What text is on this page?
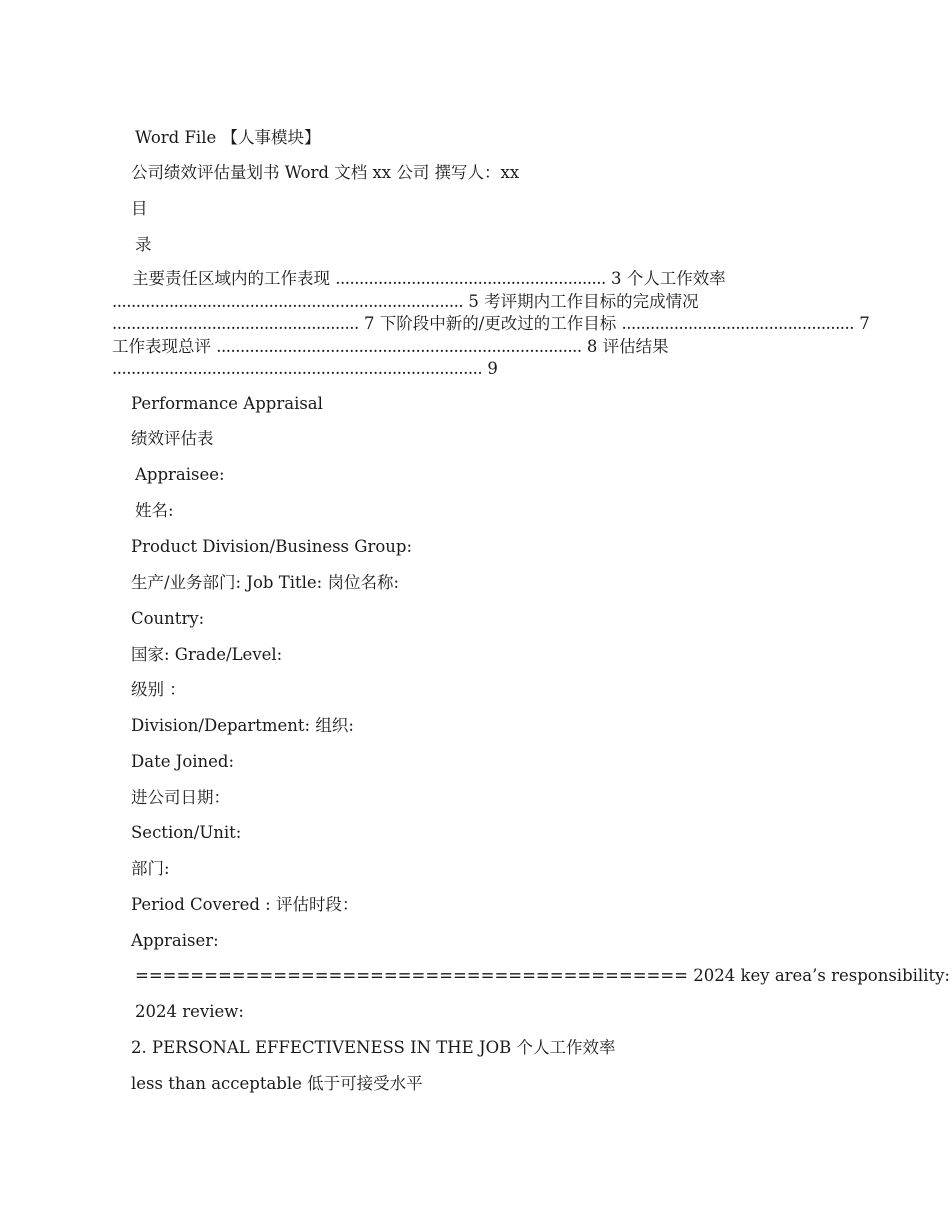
Word File 【人事模块】
公司绩效评估量划书 Word 文档 xx 公司 撰写人：xx
目
录
主要责任区域内的工作表现 ......................................................... 3 个人工作效率
.......................................................................... 5 考评期内工作目标的完成情况
.................................................... 7 下阶段中新的/更改过的工作目标 ................................................. 7
工作表现总评 ............................................................................. 8 评估结果
.............................................................................. 9
Performance Appraisal
绩效评估表
Appraisee:
姓名:
Product Division/Business Group:
生产/业务部门: Job Title: 岗位名称:
Country:
国家: Grade/Level:
级别 ：
Division/Department: 组织:
Date Joined:
进公司日期：
Section/Unit:
部门:
Period Covered : 评估时段：
Appraiser:
======================================== 2024 key area’s responsibility:
2024 review:
2. PERSONAL EFFECTIVENESS IN THE JOB 个人工作效率
less than acceptable 低于可接受水平
